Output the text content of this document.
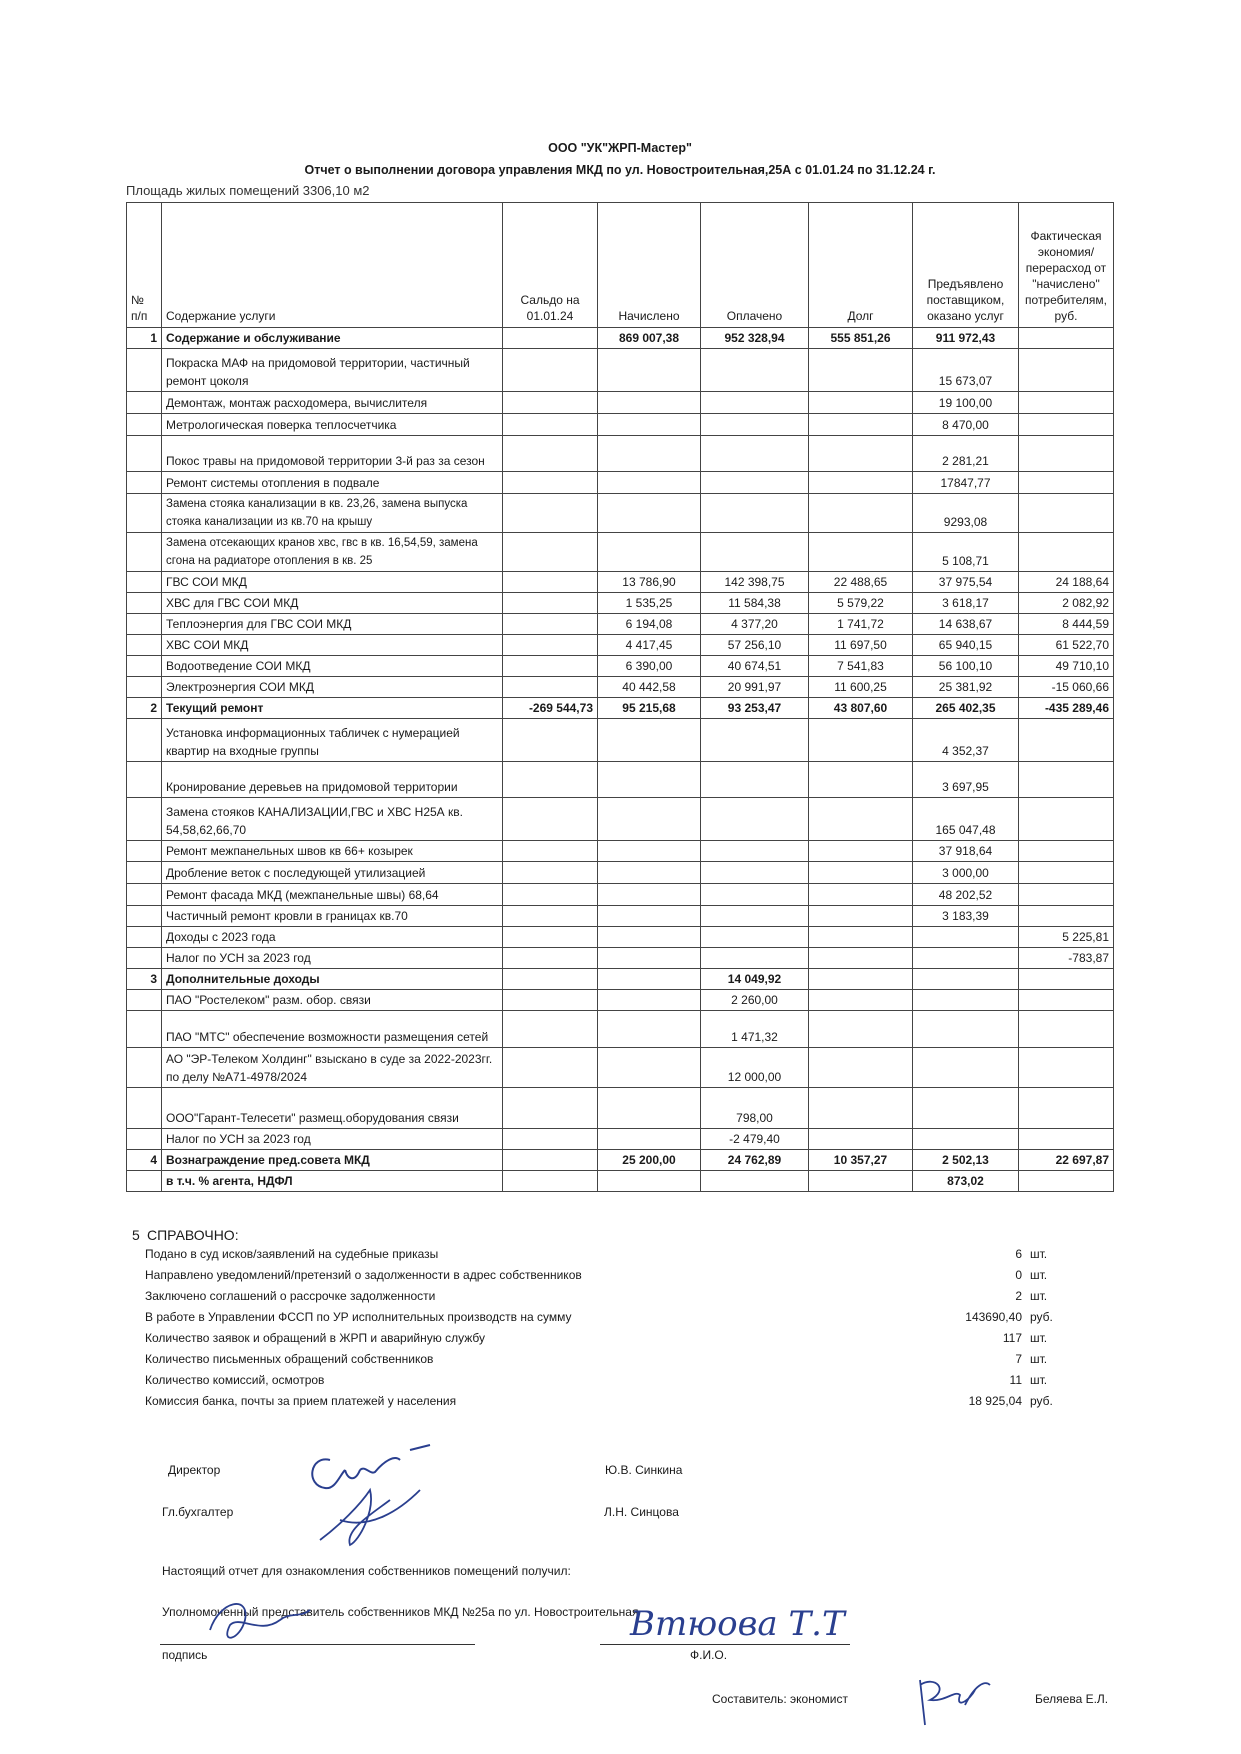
ООО "УК"ЖРП-Мастер"
Отчет о выполнении договора управления МКД по ул. Новостроительная,25А с 01.01.24 по 31.12.24 г.
Площадь жилых помещений 3306,10 м2
№ п/п	Содержание услуги	Сальдо на 01.01.24	Начислено	Оплачено	Долг	Предъявлено поставщиком, оказано услуг	Фактическая экономия/перерасход от "начислено" потребителям, руб.
1	Содержание и обслуживание		869 007,38	952 328,94	555 851,26	911 972,43	
	Покраска МАФ на придомовой территории, частичный ремонт цоколя					15 673,07	
	Демонтаж, монтаж расходомера, вычислителя					19 100,00	
	Метрологическая поверка теплосчетчика					8 470,00	
	Покос травы на придомовой территории 3-й раз за сезон					2 281,21	
	Ремонт системы отопления в подвале					17847,77	
	Замена стояка канализации в кв. 23,26, замена выпуска стояка канализации из кв.70 на крышу					9293,08	
	Замена отсекающих кранов хвс, гвс в кв. 16,54,59, замена сгона на радиаторе отопления в кв. 25					5 108,71	
	ГВС СОИ МКД		13 786,90	142 398,75	22 488,65	37 975,54	24 188,64
	ХВС для ГВС СОИ МКД		1 535,25	11 584,38	5 579,22	3 618,17	2 082,92
	Теплоэнергия для ГВС СОИ МКД		6 194,08	4 377,20	1 741,72	14 638,67	8 444,59
	ХВС СОИ МКД		4 417,45	57 256,10	11 697,50	65 940,15	61 522,70
	Водоотведение СОИ МКД		6 390,00	40 674,51	7 541,83	56 100,10	49 710,10
	Электроэнергия СОИ МКД		40 442,58	20 991,97	11 600,25	25 381,92	-15 060,66
2	Текущий ремонт	-269 544,73	95 215,68	93 253,47	43 807,60	265 402,35	-435 289,46
	Установка информационных табличек с нумерацией квартир на входные группы					4 352,37	
	Кронирование деревьев на придомовой территории					3 697,95	
	Замена стояков КАНАЛИЗАЦИИ,ГВС и ХВС Н25А кв. 54,58,62,66,70					165 047,48	
	Ремонт межпанельных швов кв 66+ козырек					37 918,64	
	Дробление веток с последующей утилизацией					3 000,00	
	Ремонт фасада МКД (межпанельные швы) 68,64					48 202,52	
	Частичный ремонт кровли в границах кв.70					3 183,39	
	Доходы с 2023 года						5 225,81
	Налог по УСН за 2023 год						-783,87
3	Дополнительные доходы			14 049,92			
	ПАО "Ростелеком" разм. обор. связи			2 260,00			
	ПАО "МТС" обеспечение возможности размещения сетей			1 471,32			
	АО "ЭР-Телеком Холдинг" взыскано в суде за 2022-2023гг. по делу №А71-4978/2024			12 000,00			
	ООО"Гарант-Телесети" размещ.оборудования связи			798,00			
	Налог по УСН за 2023 год			-2 479,40			
4	Вознаграждение пред.совета МКД		25 200,00	24 762,89	10 357,27	2 502,13	22 697,87
	в т.ч. % агента, НДФЛ					873,02	
5 СПРАВОЧНО:
Подано в суд исков/заявлений на судебные приказы	6 шт.
Направлено уведомлений/претензий о задолженности в адрес собственников	0 шт.
Заключено соглашений о рассрочке задолженности	2 шт.
В работе в Управлении ФССП по УР исполнительных производств на сумму	143690,40 руб.
Количество заявок и обращений в ЖРП и аварийную службу	117 шт.
Количество письменных обращений собственников	7 шт.
Количество комиссий, осмотров	11 шт.
Комиссия банка, почты за прием платежей у населения	18 925,04 руб.
Директор	Ю.В. Синкина
Гл.бухгалтер	Л.Н. Синцова
Настоящий отчет для ознакомления собственников помещений получил:
Уполномоченный представитель собственников МКД №25а по ул. Новостроительная
подпись	Ф.И.О.
Составитель: экономист	Беляева Е.Л.
Втюова Т.Т
